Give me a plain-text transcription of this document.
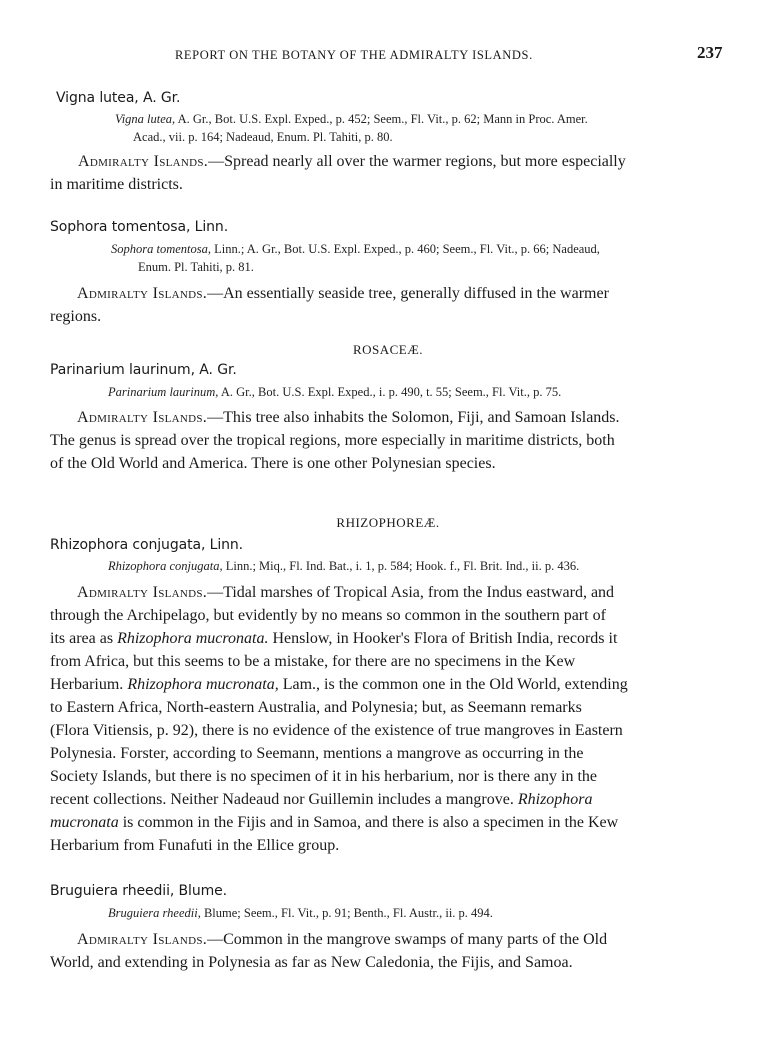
REPORT ON THE BOTANY OF THE ADMIRALTY ISLANDS.	237
Vigna lutea, A. Gr.
Vigna lutea, A. Gr., Bot. U.S. Expl. Exped., p. 452; Seem., Fl. Vit., p. 62; Mann in Proc. Amer.
Acad., vii. p. 164; Nadeaud, Enum. Pl. Tahiti, p. 80.
Admiralty Islands.—Spread nearly all over the warmer regions, but more especially
in maritime districts.
Sophora tomentosa, Linn.
Sophora tomentosa, Linn.; A. Gr., Bot. U.S. Expl. Exped., p. 460; Seem., Fl. Vit., p. 66; Nadeaud,
Enum. Pl. Tahiti, p. 81.
Admiralty Islands.—An essentially seaside tree, generally diffused in the warmer
regions.
ROSACEÆ.
Parinarium laurinum, A. Gr.
Parinarium laurinum, A. Gr., Bot. U.S. Expl. Exped., i. p. 490, t. 55; Seem., Fl. Vit., p. 75.
Admiralty Islands.—This tree also inhabits the Solomon, Fiji, and Samoan Islands.
The genus is spread over the tropical regions, more especially in maritime districts, both
of the Old World and America. There is one other Polynesian species.
RHIZOPHOREÆ.
Rhizophora conjugata, Linn.
Rhizophora conjugata, Linn.; Miq., Fl. Ind. Bat., i. 1, p. 584; Hook. f., Fl. Brit. Ind., ii. p. 436.
Admiralty Islands.—Tidal marshes of Tropical Asia, from the Indus eastward, and
through the Archipelago, but evidently by no means so common in the southern part of
its area as Rhizophora mucronata. Henslow, in Hooker's Flora of British India, records it
from Africa, but this seems to be a mistake, for there are no specimens in the Kew
Herbarium. Rhizophora mucronata, Lam., is the common one in the Old World, extending
to Eastern Africa, North-eastern Australia, and Polynesia; but, as Seemann remarks
(Flora Vitiensis, p. 92), there is no evidence of the existence of true mangroves in Eastern
Polynesia. Forster, according to Seemann, mentions a mangrove as occurring in the
Society Islands, but there is no specimen of it in his herbarium, nor is there any in the
recent collections. Neither Nadeaud nor Guillemin includes a mangrove. Rhizophora
mucronata is common in the Fijis and in Samoa, and there is also a specimen in the Kew
Herbarium from Funafuti in the Ellice group.
Bruguiera rheedii, Blume.
Bruguiera rheedii, Blume; Seem., Fl. Vit., p. 91; Benth., Fl. Austr., ii. p. 494.
Admiralty Islands.—Common in the mangrove swamps of many parts of the Old
World, and extending in Polynesia as far as New Caledonia, the Fijis, and Samoa.
